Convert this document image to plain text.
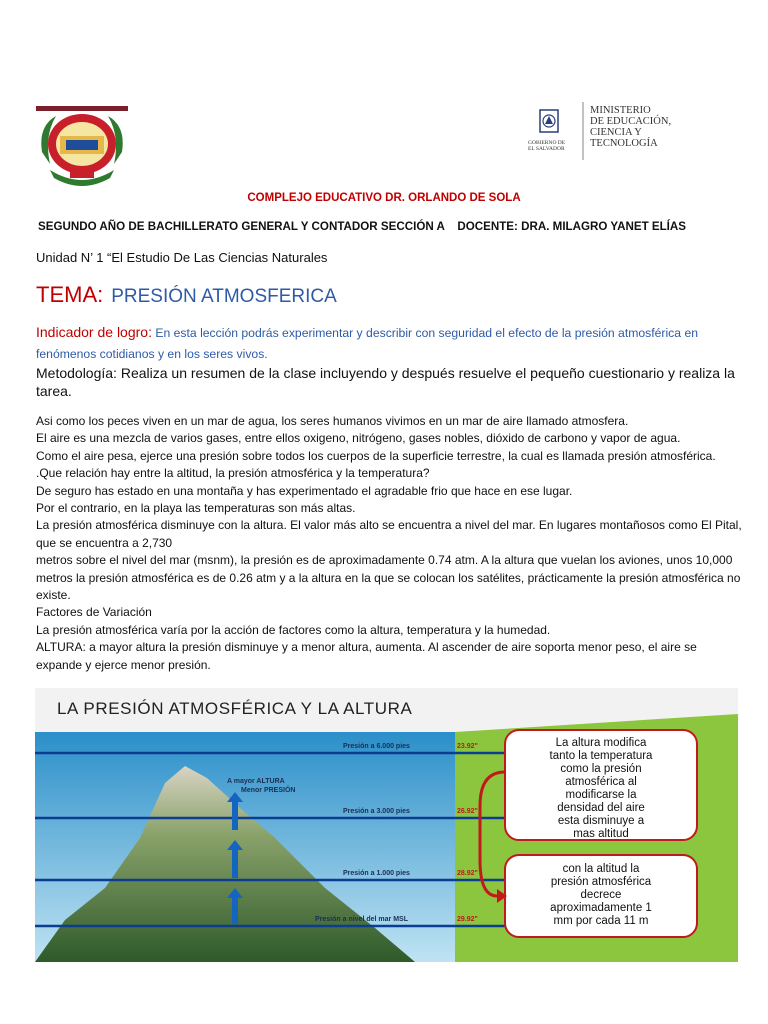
MINISTERIO
DE EDUCACIÓN,
CIENCIA Y
TECNOLOGÍA
GOBIERNO DE
EL SALVADOR
COMPLEJO EDUCATIVO DR. ORLANDO DE SOLA
SEGUNDO AÑO DE BACHILLERATO GENERAL Y CONTADOR SECCIÓN A    DOCENTE: DRA. MILAGRO YANET ELÍAS
Unidad N’ 1 “El Estudio De Las Ciencias Naturales
TEMA: PRESIÓN ATMOSFERICA
Indicador de logro: En esta lección podrás experimentar y describir con seguridad el efecto de la presión atmosférica en fenómenos cotidianos y en los seres vivos.
Metodología: Realiza un resumen de la clase incluyendo y después resuelve el pequeño cuestionario y realiza la tarea.

Asi como los peces viven en un mar de agua, los seres humanos vivimos en un mar de aire llamado atmosfera.

El aire es una mezcla de varios gases, entre ellos oxigeno, nitrógeno, gases nobles, dióxido de carbono y vapor de agua.

Como el aire pesa, ejerce una presión sobre todos los cuerpos de la superficie terrestre, la cual es llamada presión atmosférica.

.Que relación hay entre la altitud, la presión atmosférica y la temperatura?

De seguro has estado en una montaña y has experimentado el agradable frio que hace en ese lugar.

Por el contrario, en la playa las temperaturas son más altas.

La presión atmosférica disminuye con la altura. El valor más alto se encuentra a nivel del mar. En lugares montañosos como El Pital, que se encuentra a 2,730

metros sobre el nivel del mar (msnm), la presión es de aproximadamente 0.74 atm. A la altura que vuelan los aviones, unos 10,000 metros la presión atmosférica es de 0.26 atm y a la altura en la que se colocan los satélites, prácticamente la presión atmosférica no existe.

Factores de Variación

La presión atmosférica varía por la acción de factores como la altura, temperatura y la humedad.

ALTURA: a mayor altura la presión disminuye y a menor altura, aumenta. Al ascender de aire soporta menor peso, el aire se expande y ejerce menor presión.

LA PRESIÓN ATMOSFÉRICA Y LA ALTURA
A mayor ALTURA
Menor PRESIÓN
Presión a 6.000 pies	23.92"
Presión a 3.000 pies	26.92"
Presión a 1.000 pies	28.92"
Presión a nivel del mar MSL	29.92"
La altura modifica
tanto la temperatura
como la presión
atmosférica al
modificarse la
densidad del aire
esta disminuye a
mas altitud
con la altitud la
presión atmosférica
decrece
aproximadamente 1
mm por cada 11 m
